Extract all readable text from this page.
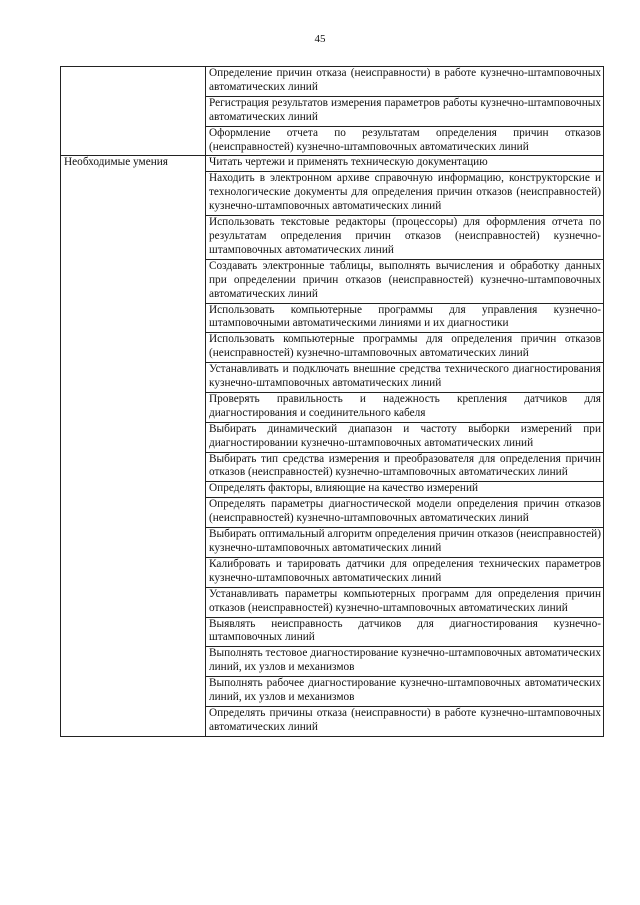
45
	Определение причин отказа (неисправности) в работе кузнечно-штамповочных автоматических линий
	Регистрация результатов измерения параметров работы кузнечно-штамповочных автоматических линий
	Оформление отчета по результатам определения причин отказов (неисправностей) кузнечно-штамповочных автоматических линий
Необходимые умения	Читать чертежи и применять техническую документацию
	Находить в электронном архиве справочную информацию, конструкторские и технологические документы для определения причин отказов (неисправностей) кузнечно-штамповочных автоматических линий
	Использовать текстовые редакторы (процессоры) для оформления отчета по результатам определения причин отказов (неисправностей) кузнечно-штамповочных автоматических линий
	Создавать электронные таблицы, выполнять вычисления и обработку данных при определении причин отказов (неисправностей) кузнечно-штамповочных автоматических линий
	Использовать компьютерные программы для управления кузнечно-штамповочными автоматическими линиями и их диагностики
	Использовать компьютерные программы для определения причин отказов (неисправностей) кузнечно-штамповочных автоматических линий
	Устанавливать и подключать внешние средства технического диагностирования кузнечно-штамповочных автоматических линий
	Проверять правильность и надежность крепления датчиков для диагностирования и соединительного кабеля
	Выбирать динамический диапазон и частоту выборки измерений при диагностировании кузнечно-штамповочных автоматических линий
	Выбирать тип средства измерения и преобразователя для определения причин отказов (неисправностей) кузнечно-штамповочных автоматических линий
	Определять факторы, влияющие на качество измерений
	Определять параметры диагностической модели определения причин отказов (неисправностей) кузнечно-штамповочных автоматических линий
	Выбирать оптимальный алгоритм определения причин отказов (неисправностей) кузнечно-штамповочных автоматических линий
	Калибровать и тарировать датчики для определения технических параметров кузнечно-штамповочных автоматических линий
	Устанавливать параметры компьютерных программ для определения причин отказов (неисправностей) кузнечно-штамповочных автоматических линий
	Выявлять неисправность датчиков для диагностирования кузнечно-штамповочных линий
	Выполнять тестовое диагностирование кузнечно-штамповочных автоматических линий, их узлов и механизмов
	Выполнять рабочее диагностирование кузнечно-штамповочных автоматических линий, их узлов и механизмов
	Определять причины отказа (неисправности) в работе кузнечно-штамповочных автоматических линий
